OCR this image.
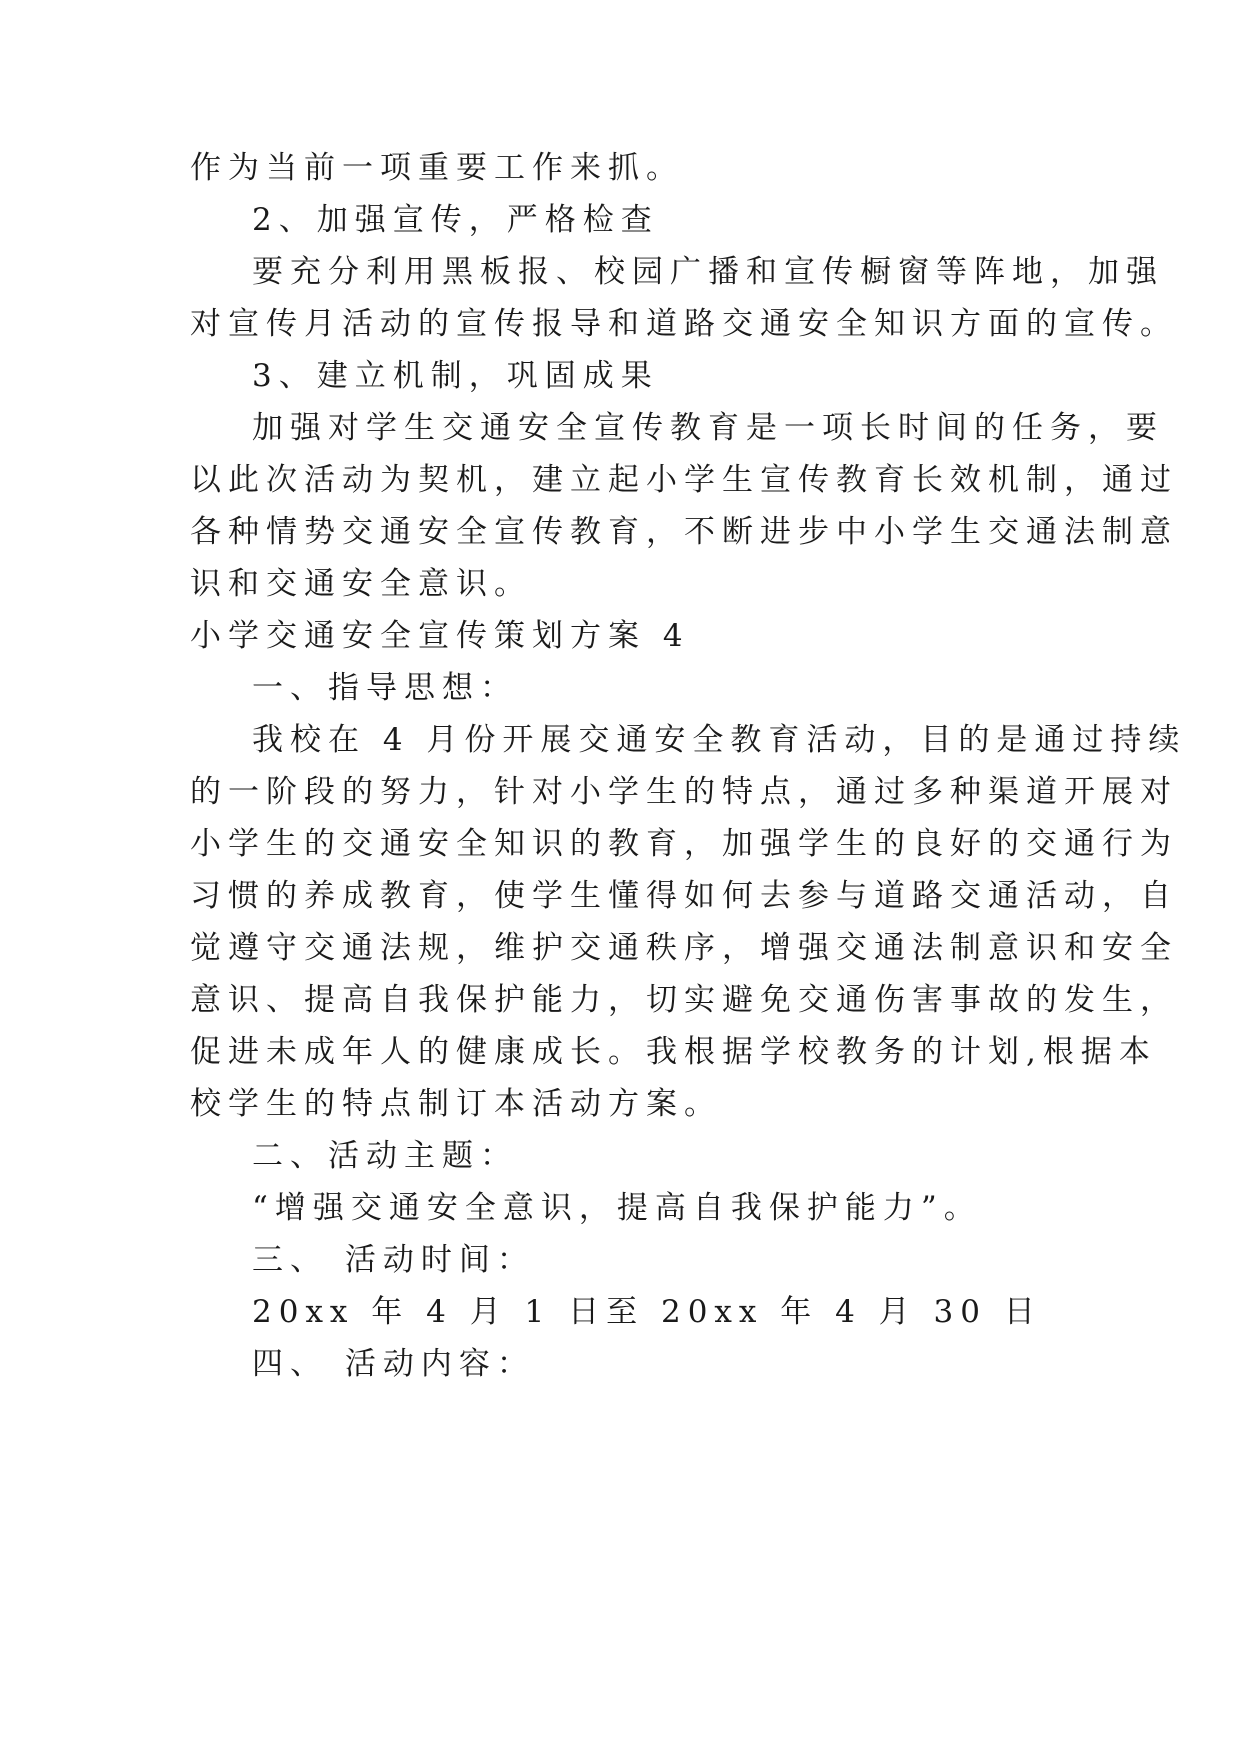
作为当前一项重要工作来抓。
2、加强宣传，严格检查
要充分利用黑板报、校园广播和宣传橱窗等阵地，加强
对宣传月活动的宣传报导和道路交通安全知识方面的宣传。
3、建立机制，巩固成果
加强对学生交通安全宣传教育是一项长时间的任务，要
以此次活动为契机，建立起小学生宣传教育长效机制，通过
各种情势交通安全宣传教育，不断进步中小学生交通法制意
识和交通安全意识。
小学交通安全宣传策划方案 4
一、指导思想：
我校在 4 月份开展交通安全教育活动，目的是通过持续
的一阶段的努力，针对小学生的特点，通过多种渠道开展对
小学生的交通安全知识的教育，加强学生的良好的交通行为
习惯的养成教育，使学生懂得如何去参与道路交通活动，自
觉遵守交通法规，维护交通秩序，增强交通法制意识和安全
意识、提高自我保护能力，切实避免交通伤害事故的发生，
促进未成年人的健康成长。我根据学校教务的计划,根据本
校学生的特点制订本活动方案。
二、活动主题：
“增强交通安全意识，提高自我保护能力”。
三、 活动时间：
20xx 年 4 月 1 日至 20xx 年 4 月 30 日
四、 活动内容：
